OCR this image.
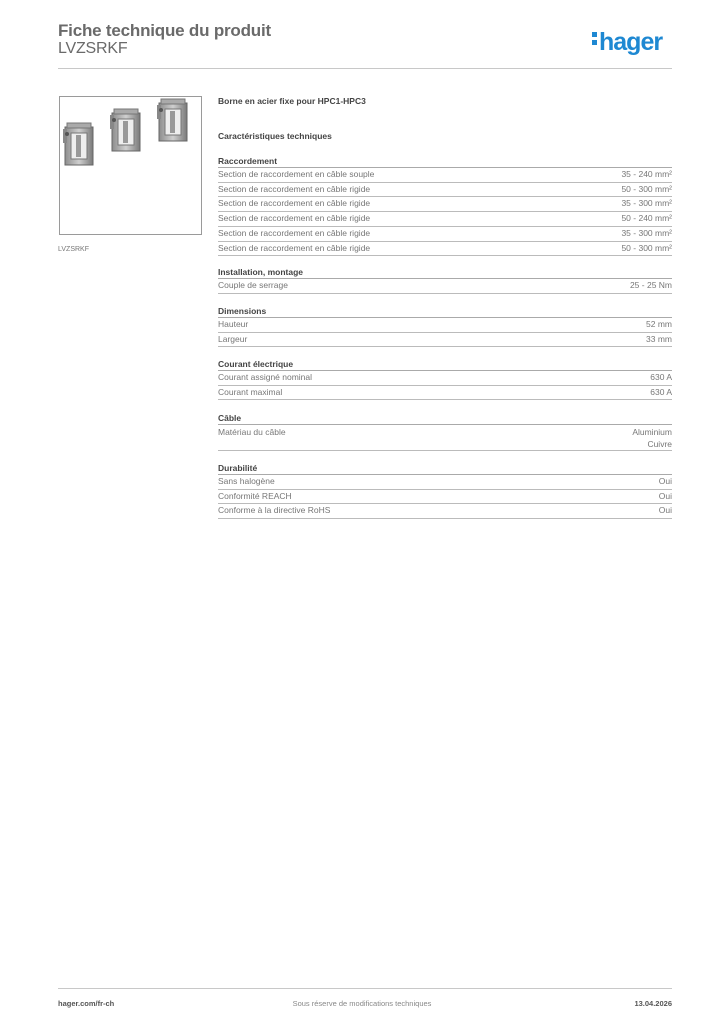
Fiche technique du produit
LVZSRKF	hager
LVZSRKF
Borne en acier fixe pour HPC1-HPC3
Caractéristiques techniques
Raccordement
Section de raccordement en câble souple	35 - 240 mm²
Section de raccordement en câble rigide	50 - 300 mm²
Section de raccordement en câble rigide	35 - 300 mm²
Section de raccordement en câble rigide	50 - 240 mm²
Section de raccordement en câble rigide	35 - 300 mm²
Section de raccordement en câble rigide	50 - 300 mm²
Installation, montage
Couple de serrage	25 - 25 Nm
Dimensions
Hauteur	52 mm
Largeur	33 mm
Courant électrique
Courant assigné nominal	630 A
Courant maximal	630 A
Câble
Matériau du câble	Aluminium
Cuivre
Durabilité
Sans halogène	Oui
Conformité REACH	Oui
Conforme à la directive RoHS	Oui
hager.com/fr-ch	Sous réserve de modifications techniques	13.04.2026
